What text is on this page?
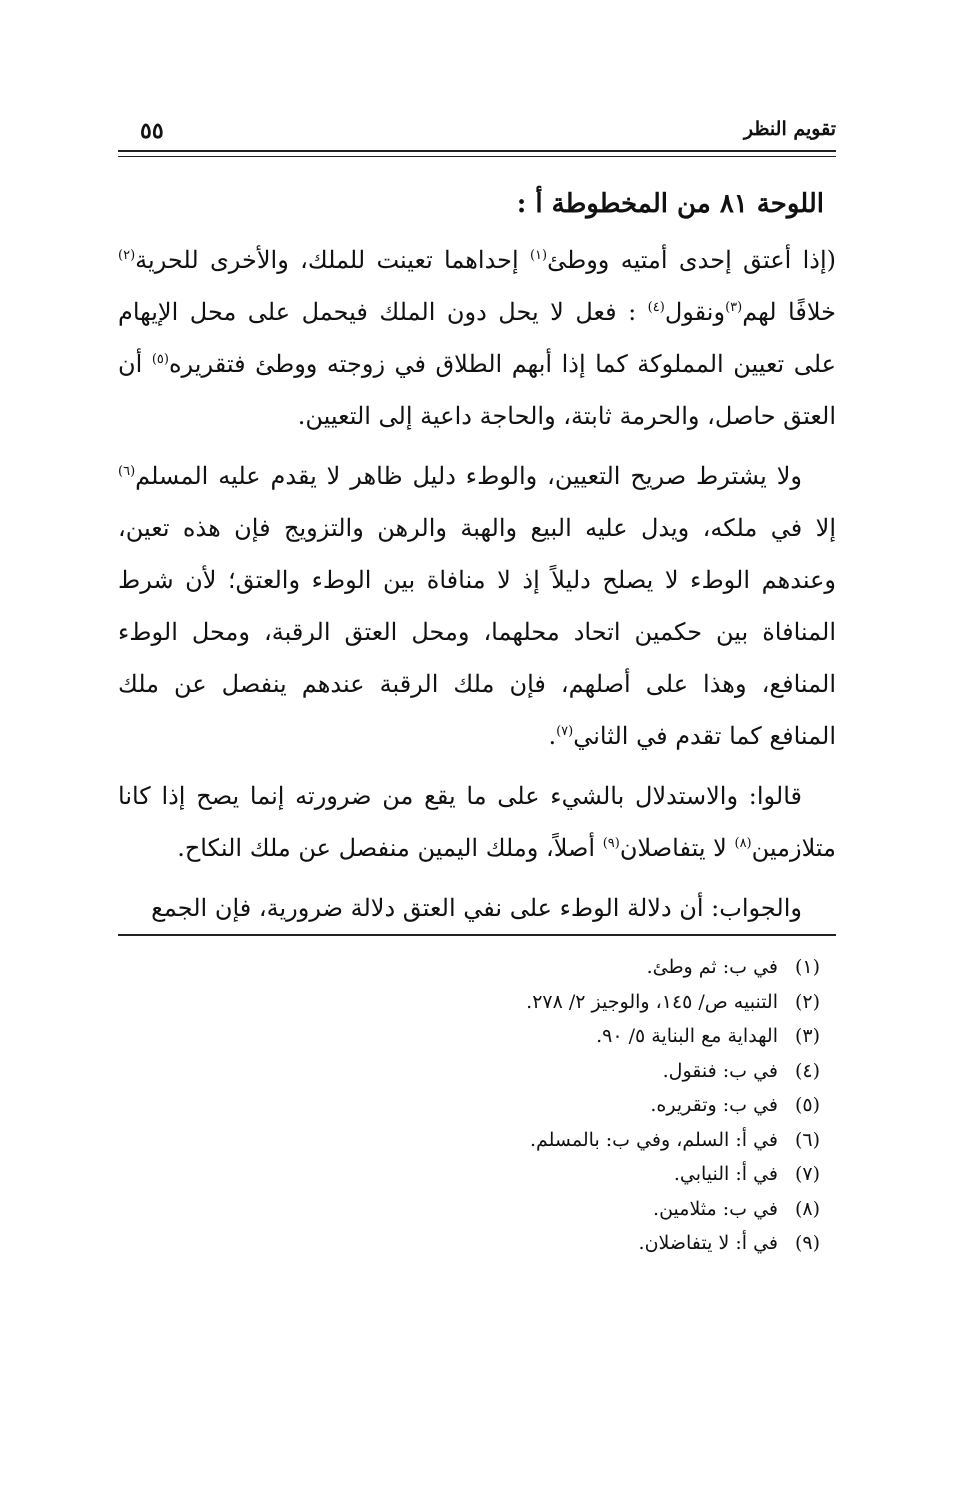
تقويم النظر
٥٥
اللوحة ٨١ من المخطوطة أ :

(إذا أعتق إحدى أمتيه ووطئ$^{(١)}$ إحداهما تعينت للملك، والأخرى للحرية$^{(٢)}$ خلافًا لهم$^{(٣)}$ونقول$^{(٤)}$ : فعل لا يحل دون الملك فيحمل على محل الإيهام على تعيين المملوكة كما إذا أبهم الطلاق في زوجته ووطئ فتقريره$^{(٥)}$ أن العتق حاصل، والحرمة ثابتة، والحاجة داعية إلى التعيين.

ولا يشترط صريح التعيين، والوطء دليل ظاهر لا يقدم عليه المسلم$^{(٦)}$ إلا في ملكه، ويدل عليه البيع والهبة والرهن والتزويج فإن هذه تعين، وعندهم الوطء لا يصلح دليلاً إذ لا منافاة بين الوطء والعتق؛ لأن شرط المنافاة بين حكمين اتحاد محلهما، ومحل العتق الرقبة، ومحل الوطء المنافع، وهذا على أصلهم، فإن ملك الرقبة عندهم ينفصل عن ملك المنافع كما تقدم في الثاني$^{(٧)}$.

قالوا: والاستدلال بالشيء على ما يقع من ضرورته إنما يصح إذا كانا متلازمين$^{(٨)}$ لا يتفاصلان$^{(٩)}$ أصلاً، وملك اليمين منفصل عن ملك النكاح.

والجواب: أن دلالة الوطء على نفي العتق دلالة ضرورية، فإن الجمع

(١)في ب: ثم وطئ.
(٢)التنبيه ص/ ١٤٥، والوجيز ٢/ ٢٧٨.
(٣)الهداية مع البناية ٥/ ٩٠.
(٤)في ب: فنقول.
(٥)في ب: وتقريره.
(٦)في أ: السلم، وفي ب: بالمسلم.
(٧)في أ: النيابي.
(٨)في ب: مثلامين.
(٩)في أ: لا يتفاضلان.
